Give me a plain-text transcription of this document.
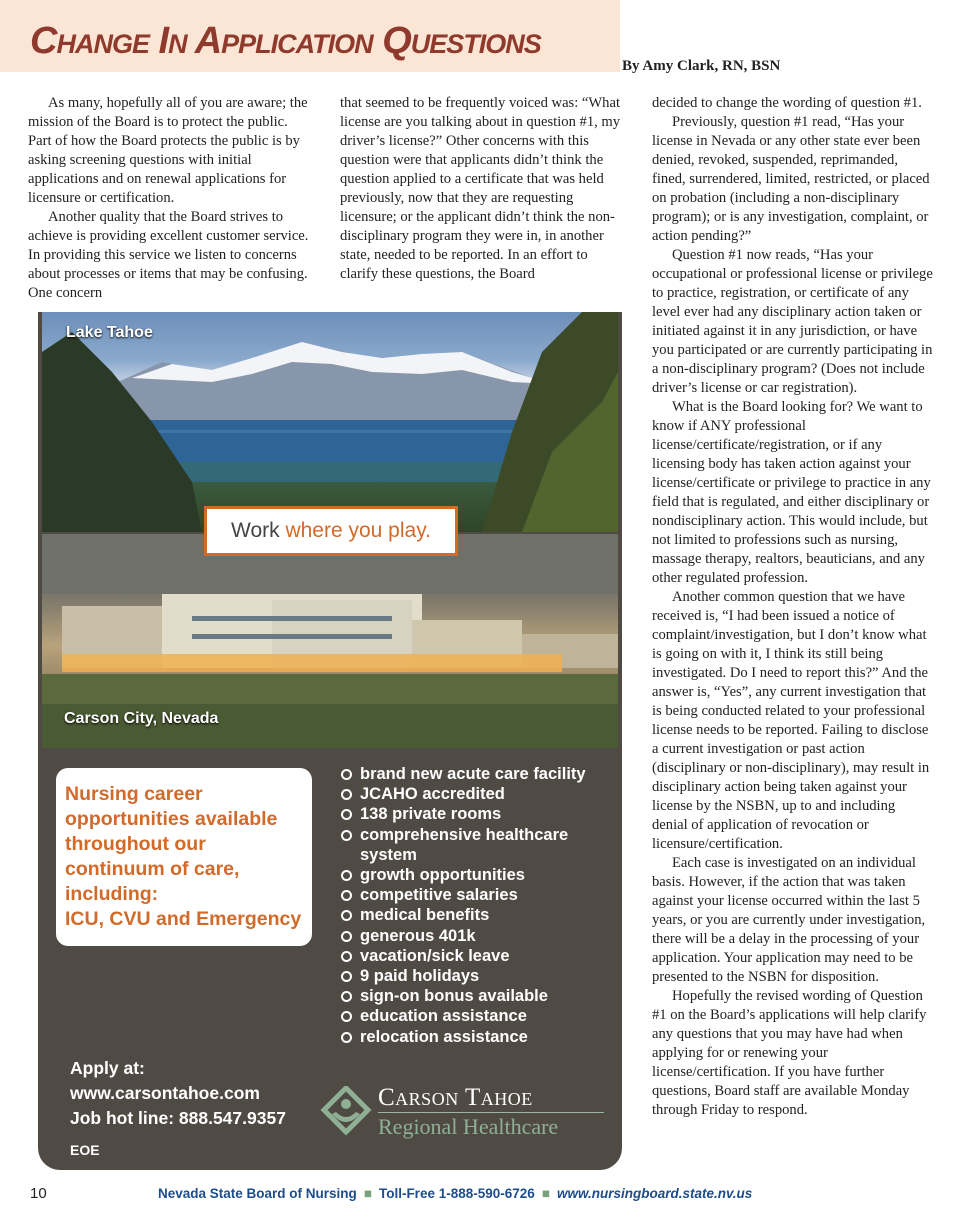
Change In Application Questions
By Amy Clark, RN, BSN

As many, hopefully all of you are aware; the mission of the Board is to protect the public. Part of how the Board protects the public is by asking screening questions with initial applications and on renewal applications for licensure or certification.

Another quality that the Board strives to achieve is providing excellent customer service. In providing this service we listen to concerns about processes or items that may be confusing. One concern

that seemed to be frequently voiced was: “What license are you talking about in question #1, my driver’s license?” Other concerns with this question were that applicants didn’t think the question applied to a certificate that was held previously, now that they are requesting licensure; or the applicant didn’t think the non-disciplinary program they were in, in another state, needed to be reported. In an effort to clarify these questions, the Board

decided to change the wording of question #1.

Previously, question #1 read, “Has your license in Nevada or any other state ever been denied, revoked, suspended, reprimanded, fined, surrendered, limited, restricted, or placed on probation (including a non-disciplinary program); or is any investigation, complaint, or action pending?”

Question #1 now reads, “Has your occupational or professional license or privilege to practice, registration, or certificate of any level ever had any disciplinary action taken or initiated against it in any jurisdiction, or have you participated or are currently participating in a non-disciplinary program? (Does not include driver’s license or car registration).

What is the Board looking for? We want to know if ANY professional license/certificate/registration, or if any licensing body has taken action against your license/certificate or privilege to practice in any field that is regulated, and either disciplinary or nondisciplinary action. This would include, but not limited to professions such as nursing, massage therapy, realtors, beauticians, and any other regulated profession.

Another common question that we have received is, “I had been issued a notice of complaint/investigation, but I don’t know what is going on with it, I think its still being investigated. Do I need to report this?” And the answer is, “Yes”, any current investigation that is being conducted related to your professional license needs to be reported. Failing to disclose a current investigation or past action (disciplinary or non-disciplinary), may result in disciplinary action being taken against your license by the NSBN, up to and including denial of application of revocation or licensure/certification.

Each case is investigated on an individual basis. However, if the action that was taken against your license occurred within the last 5 years, or you are currently under investigation, there will be a delay in the processing of your application. Your application may need to be presented to the NSBN for disposition.

Hopefully the revised wording of Question #1 on the Board’s applications will help clarify any questions that you may have had when applying for or renewing your license/certification. If you have further questions, Board staff are available Monday through Friday to respond.

Lake Tahoe
Carson City, Nevada
Work where you play.
Nursing career
opportunities available
throughout our
continuum of care,
including:
ICU, CVU and Emergency
brand new acute care facility
JCAHO accredited
138 private rooms
comprehensive healthcare system
growth opportunities
competitive salaries
medical benefits
generous 401k
vacation/sick leave
9 paid holidays
sign-on bonus available
education assistance
relocation assistance
Apply at:
www.carsontahoe.com
Job hot line: 888.547.9357
EOE
Carson Tahoe
Regional Healthcare
10	Nevada State Board of Nursing ■ Toll-Free 1-888-590-6726 ■ www.nursingboard.state.nv.us
